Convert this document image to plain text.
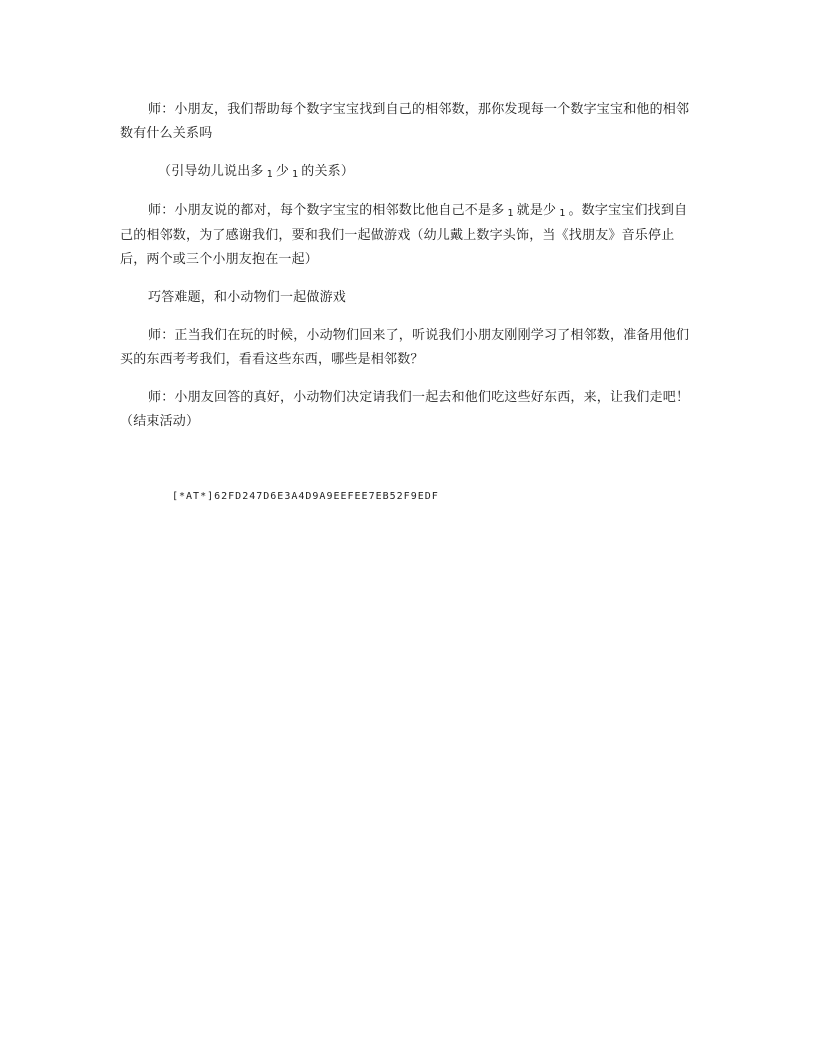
师：小朋友，我们帮助每个数字宝宝找到自己的相邻数，那你发现每一个数字宝宝和他的相邻数有什么关系吗

（引导幼儿说出多 1 少 1 的关系）

师：小朋友说的都对，每个数字宝宝的相邻数比他自己不是多 1 就是少 1 。数字宝宝们找到自己的相邻数，为了感谢我们，要和我们一起做游戏（幼儿戴上数字头饰，当《找朋友》音乐停止后，两个或三个小朋友抱在一起）

巧答难题，和小动物们一起做游戏

师：正当我们在玩的时候，小动物们回来了，听说我们小朋友刚刚学习了相邻数，准备用他们买的东西考考我们，看看这些东西，哪些是相邻数？

师：小朋友回答的真好，小动物们决定请我们一起去和他们吃这些好东西，来，让我们走吧！（结束活动）

[*AT*]62FD247D6E3A4D9A9EEFEE7EB52F9EDF
